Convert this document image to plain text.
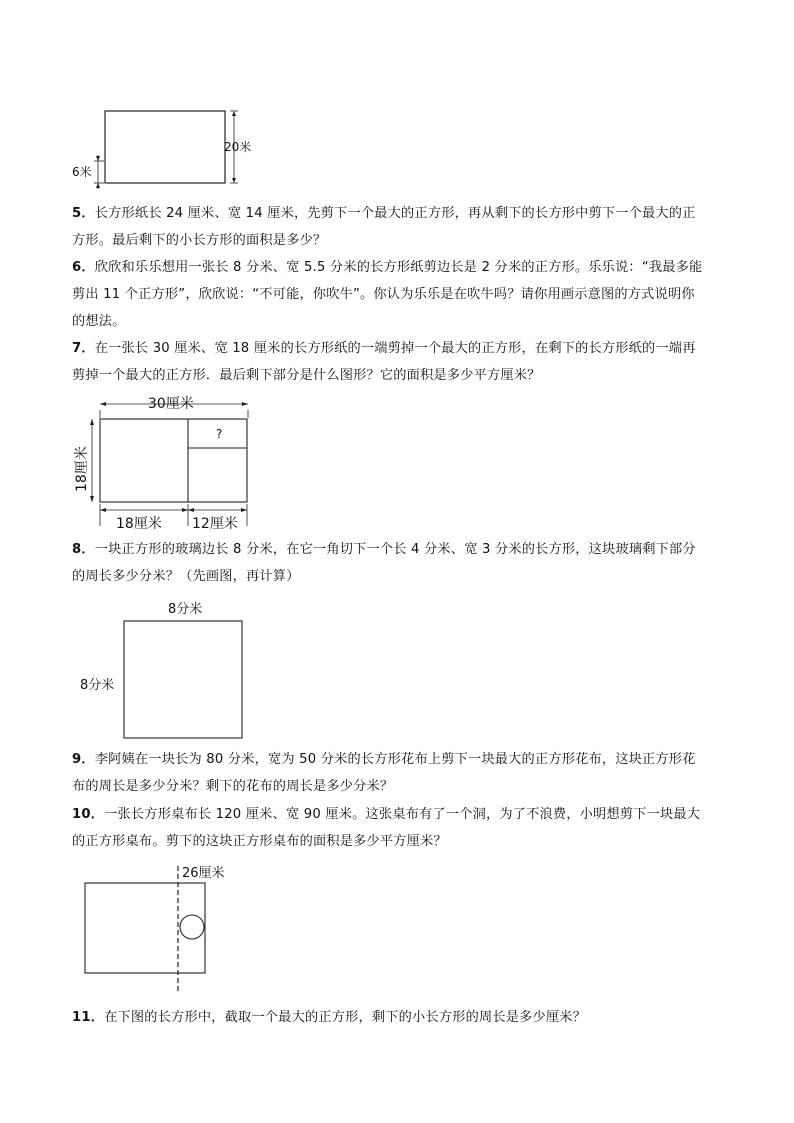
20米
6米
5．长方形纸长 24 厘米、宽 14 厘米，先剪下一个最大的正方形，再从剩下的长方形中剪下一个最大的正
方形。最后剩下的小长方形的面积是多少？
6．欣欣和乐乐想用一张长 8 分米、宽 5.5 分米的长方形纸剪边长是 2 分米的正方形。乐乐说：“我最多能
剪出 11 个正方形”，欣欣说：“不可能，你吹牛”。你认为乐乐是在吹牛吗？请你用画示意图的方式说明你
的想法。
7．在一张长 30 厘米、宽 18 厘米的长方形纸的一端剪掉一个最大的正方形，在剩下的长方形纸的一端再
剪掉一个最大的正方形．最后剩下部分是什么图形？它的面积是多少平方厘米？
30厘米
?
18厘米
18厘米 12厘米
8．一块正方形的玻璃边长 8 分米，在它一角切下一个长 4 分米、宽 3 分米的长方形，这块玻璃剩下部分
的周长多少分米？（先画图，再计算）
8分米
8分米
9．李阿姨在一块长为 80 分米，宽为 50 分米的长方形花布上剪下一块最大的正方形花布，这块正方形花
布的周长是多少分米？剩下的花布的周长是多少分米？
10．一张长方形桌布长 120 厘米、宽 90 厘米。这张桌布有了一个洞，为了不浪费，小明想剪下一块最大
的正方形桌布。剪下的这块正方形桌布的面积是多少平方厘米？
26厘米
11．在下图的长方形中，截取一个最大的正方形，剩下的小长方形的周长是多少厘米？
